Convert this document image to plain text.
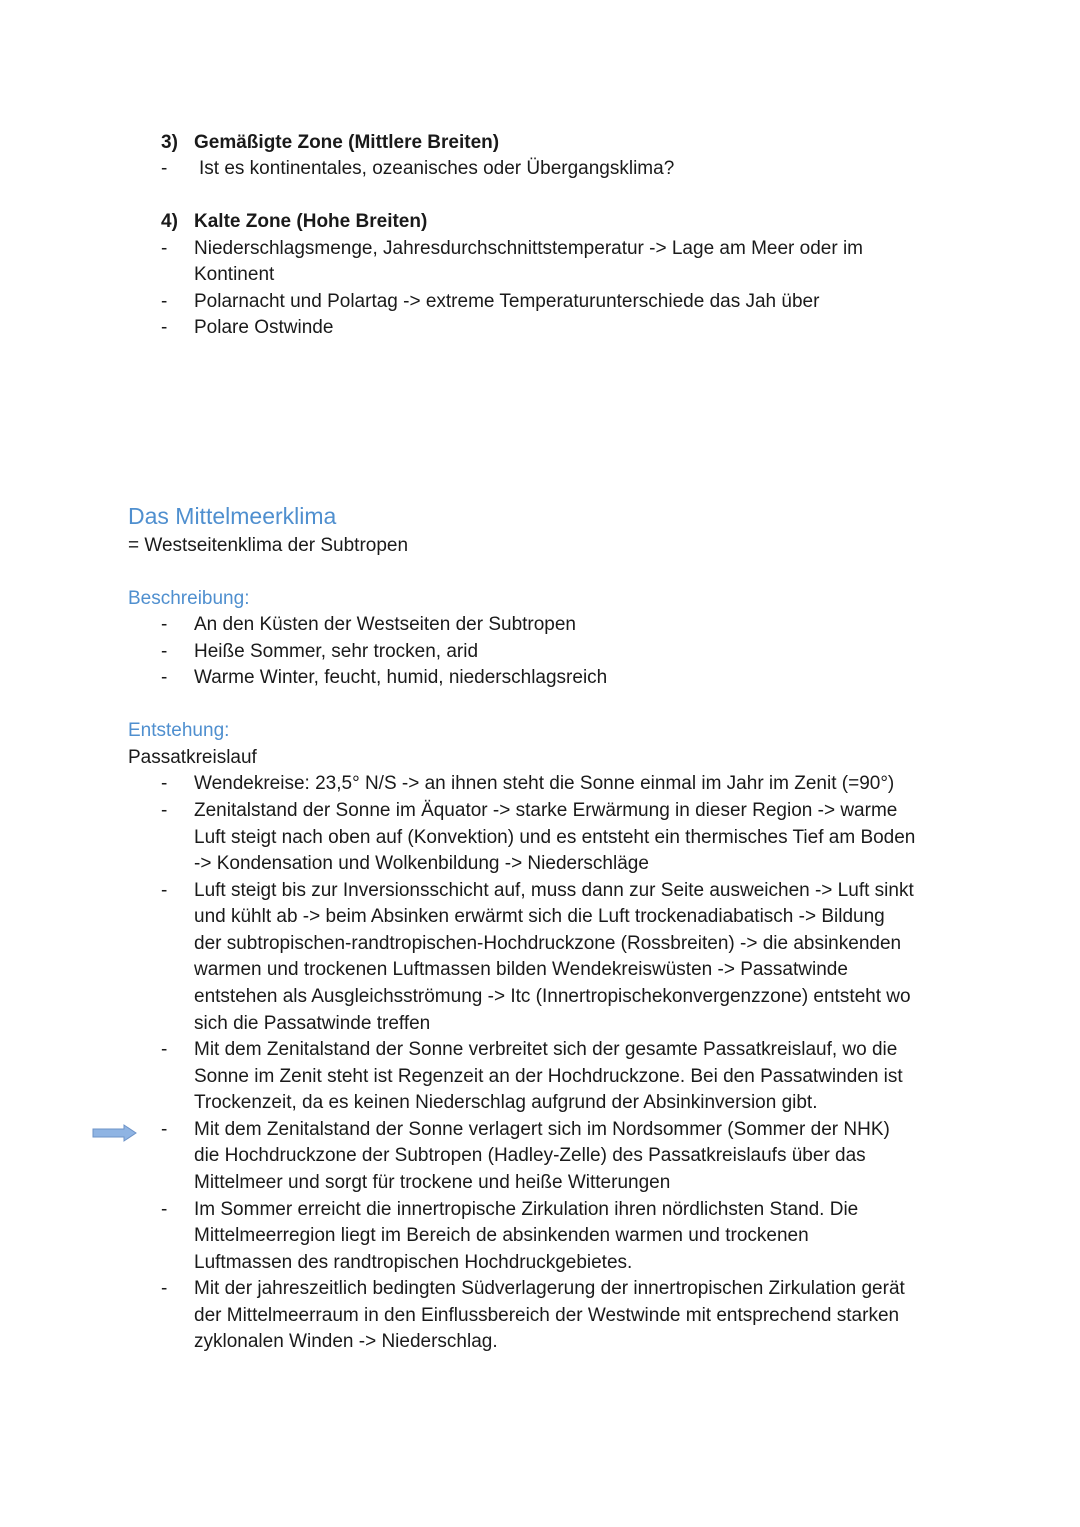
3) Gemäßigte Zone (Mittlere Breiten)
- Ist es kontinentales, ozeanisches oder Übergangsklima?
4) Kalte Zone (Hohe Breiten)
- Niederschlagsmenge, Jahresdurchschnittstemperatur -> Lage am Meer oder im
Kontinent
- Polarnacht und Polartag -> extreme Temperaturunterschiede das Jah über
- Polare Ostwinde
Das Mittelmeerklima
= Westseitenklima der Subtropen
Beschreibung:
- An den Küsten der Westseiten der Subtropen
- Heiße Sommer, sehr trocken, arid
- Warme Winter, feucht, humid, niederschlagsreich
Entstehung:
Passatkreislauf
- Wendekreise: 23,5° N/S -> an ihnen steht die Sonne einmal im Jahr im Zenit (=90°)
- Zenitalstand der Sonne im Äquator -> starke Erwärmung in dieser Region -> warme
Luft steigt nach oben auf (Konvektion) und es entsteht ein thermisches Tief am Boden
-> Kondensation und Wolkenbildung -> Niederschläge
- Luft steigt bis zur Inversionsschicht auf, muss dann zur Seite ausweichen -> Luft sinkt
und kühlt ab -> beim Absinken erwärmt sich die Luft trockenadiabatisch -> Bildung
der subtropischen-randtropischen-Hochdruckzone (Rossbreiten) -> die absinkenden
warmen und trockenen Luftmassen bilden Wendekreiswüsten -> Passatwinde
entstehen als Ausgleichsströmung -> Itc (Innertropischekonvergenzzone) entsteht wo
sich die Passatwinde treffen
- Mit dem Zenitalstand der Sonne verbreitet sich der gesamte Passatkreislauf, wo die
Sonne im Zenit steht ist Regenzeit an der Hochdruckzone. Bei den Passatwinden ist
Trockenzeit, da es keinen Niederschlag aufgrund der Absinkinversion gibt.
- Mit dem Zenitalstand der Sonne verlagert sich im Nordsommer (Sommer der NHK)
die Hochdruckzone der Subtropen (Hadley-Zelle) des Passatkreislaufs über das
Mittelmeer und sorgt für trockene und heiße Witterungen
- Im Sommer erreicht die innertropische Zirkulation ihren nördlichsten Stand. Die
Mittelmeerregion liegt im Bereich de absinkenden warmen und trockenen
Luftmassen des randtropischen Hochdruckgebietes.
- Mit der jahreszeitlich bedingten Südverlagerung der innertropischen Zirkulation gerät
der Mittelmeerraum in den Einflussbereich der Westwinde mit entsprechend starken
zyklonalen Winden -> Niederschlag.
